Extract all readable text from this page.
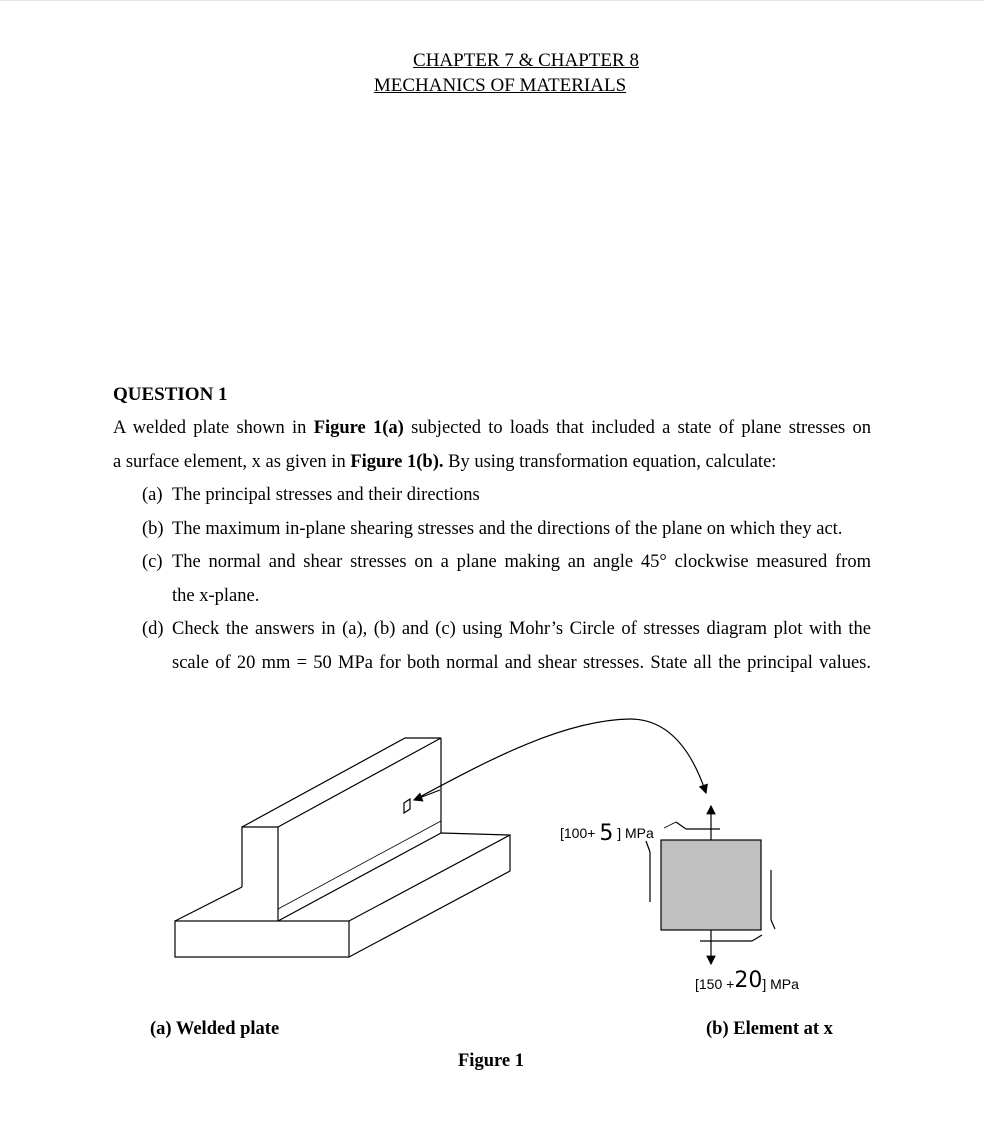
CHAPTER 7 & CHAPTER 8
MECHANICS OF MATERIALS
QUESTION 1
A welded plate shown in Figure 1(a) subjected to loads that included a state of plane stresses on
a surface element, x as given in Figure 1(b). By using transformation equation, calculate:
(a) The principal stresses and their directions
(b) The maximum in-plane shearing stresses and the directions of the plane on which they act.
(c) The normal and shear stresses on a plane making an angle 45° clockwise measured from
the x-plane.
(d) Check the answers in (a), (b) and (c) using Mohr’s Circle of stresses diagram plot with the
scale of 20 mm = 50 MPa for both normal and shear stresses. State all the principal values.
[100+ 5 ] MPa
[150 +20] MPa
(a) Welded plate	(b) Element at x
Figure 1
